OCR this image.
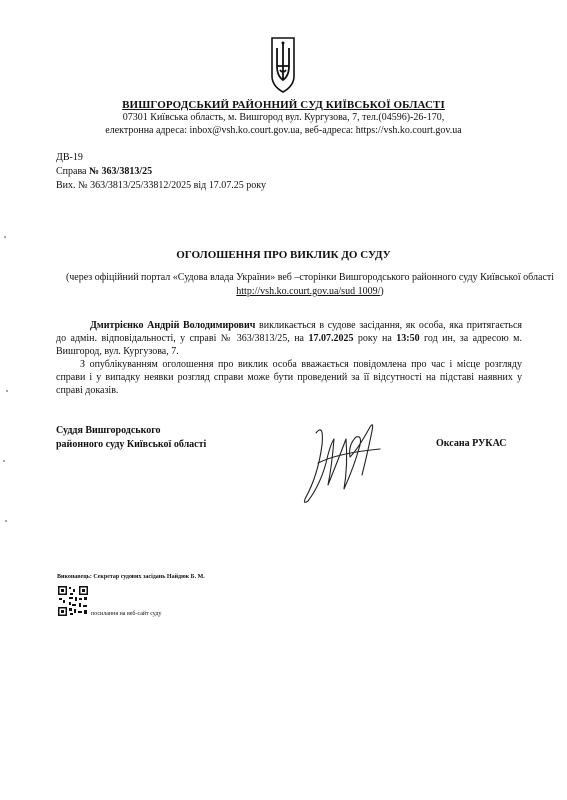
ВИШГОРОДСЬКИЙ РАЙОННИЙ СУД КИЇВСЬКОЇ ОБЛАСТІ
07301 Київська область, м. Вишгород вул. Кургузова, 7, тел.(04596)-26-170,
електронна адреса: inbox@vsh.ko.court.gov.ua, веб-адреса: https://vsh.ko.court.gov.ua
ДВ-19
Справа № 363/3813/25
Вих. № 363/3813/25/33812/2025 від 17.07.25 року
ОГОЛОШЕННЯ ПРО ВИКЛИК ДО СУДУ
(через офіційний портал «Судова влада України» веб –сторінки Вишгородського районного суду Київської області http://vsh.ko.court.gov.ua/sud 1009/)
Дмитрієнко Андрій Володимирович викликається в судове засідання, як особа, яка притягається до адмін. відповідальності, у справі № 363/3813/25, на 17.07.2025 року на 13:50 год ин, за адресою м. Вишгород, вул. Кургузова, 7.
З опублікуванням оголошення про виклик особа вважається повідомлена про час і місце розгляду справи і у випадку неявки розгляд справи може бути проведений за її відсутності на підставі наявних у справі доказів.
Суддя Вишгородського
районного суду Київської області	Оксана РУКАС
Виконавець: Секретар судових засідань Найдюк Б. М.
посилання на веб-сайт суду
